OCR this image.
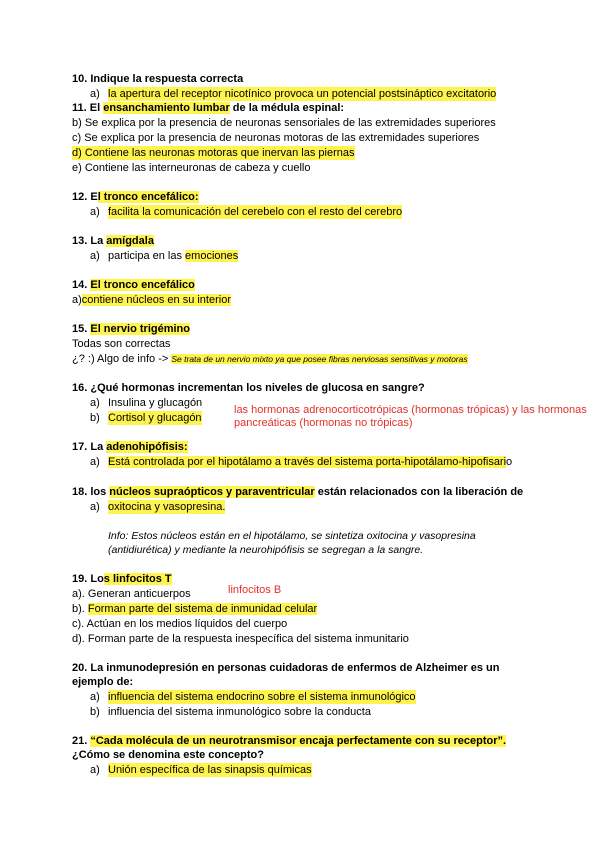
10. Indique la respuesta correcta
a) la apertura del receptor nicotínico provoca un potencial postsináptico excitatorio
11. El ensanchamiento lumbar de la médula espinal:
b) Se explica por la presencia de neuronas sensoriales de las extremidades superiores
c) Se explica por la presencia de neuronas motoras de las extremidades superiores
d) Contiene las neuronas motoras que inervan las piernas
e) Contiene las interneuronas de cabeza y cuello
12. El tronco encefálico:
a) facilita la comunicación del cerebelo con el resto del cerebro
13. La amígdala
a) participa en las emociones
14. El tronco encefálico
a)contiene núcleos en su interior
15. El nervio trigémino
Todas son correctas
¿? :) Algo de info -> Se trata de un nervio mixto ya que posee fibras nerviosas sensitivas y motoras
16. ¿Qué hormonas incrementan los niveles de glucosa en sangre?
a) Insulina y glucagón
b) Cortisol y glucagón
las hormonas adrenocorticotrópicas (hormonas trópicas) y las hormonas
pancreáticas (hormonas no trópicas)
17. La adenohipófisis:
a) Está controlada por el hipotálamo a través del sistema porta-hipotálamo-hipofisario
18. los núcleos supraópticos y paraventricular están relacionados con la liberación de
a) oxitocina y vasopresina.
Info: Estos núcleos están en el hipotálamo, se sintetiza oxitocina y vasopresina
(antidiurética) y mediante la neurohipófisis se segregan a la sangre.
19. Los linfocitos T
a). Generan anticuerpos	linfocitos B
b). Forman parte del sistema de inmunidad celular
c). Actúan en los medios líquidos del cuerpo
d). Forman parte de la respuesta inespecífica del sistema inmunitario
20. La inmunodepresión en personas cuidadoras de enfermos de Alzheimer es un
ejemplo de:
a) influencia del sistema endocrino sobre el sistema inmunológico
b) influencia del sistema inmunológico sobre la conducta
21. “Cada molécula de un neurotransmisor encaja perfectamente con su receptor”.
¿Cómo se denomina este concepto?
a) Unión específica de las sinapsis químicas
